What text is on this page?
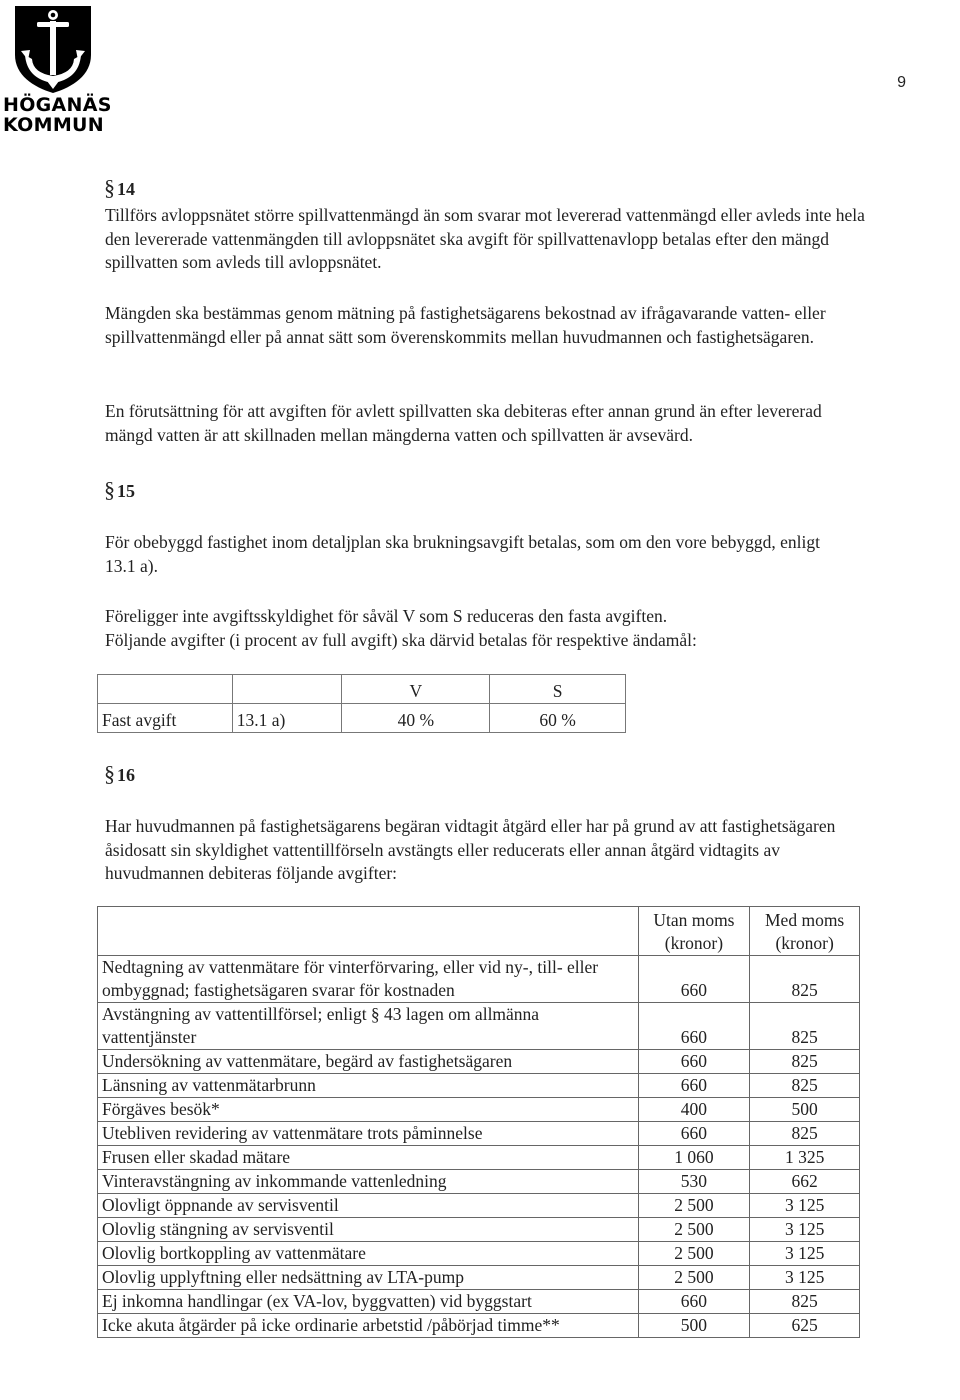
HÖGANÄS
KOMMUN
9
§ 14

Tillförs avloppsnätet större spillvattenmängd än som svarar mot levererad vattenmängd eller avleds inte hela den levererade vattenmängden till avloppsnätet ska avgift för spillvattenavlopp betalas efter den mängd spillvatten som avleds till avloppsnätet.

Mängden ska bestämmas genom mätning på fastighetsägarens bekostnad av ifrågavarande vatten- eller spillvattenmängd eller på annat sätt som överenskommits mellan huvudmannen och fastighetsägaren.

En förutsättning för att avgiften för avlett spillvatten ska debiteras efter annan grund än efter levererad mängd vatten är att skillnaden mellan mängderna vatten och spillvatten är avsevärd.

§ 15

För obebyggd fastighet inom detaljplan ska brukningsavgift betalas, som om den vore bebyggd, enligt 13.1 a).

Föreligger inte avgiftsskyldighet för såväl V som S reduceras den fasta avgiften.

Följande avgifter (i procent av full avgift) ska därvid betalas för respektive ändamål:

		V	S
Fast avgift	13.1 a)	40 %	60 %
§ 16

Har huvudmannen på fastighetsägarens begäran vidtagit åtgärd eller har på grund av att fastighetsägaren åsidosatt sin skyldighet vattentillförseln avstängts eller reducerats eller annan åtgärd vidtagits av huvudmannen debiteras följande avgifter:

	Utan moms (kronor)	Med moms (kronor)
Nedtagning av vattenmätare för vinterförvaring, eller vid ny-, till- eller ombyggnad; fastighetsägaren svarar för kostnaden	660	825
Avstängning av vattentillförsel; enligt § 43 lagen om allmänna vattentjänster	660	825
Undersökning av vattenmätare, begärd av fastighetsägaren	660	825
Länsning av vattenmätarbrunn	660	825
Förgäves besök*	400	500
Utebliven revidering av vattenmätare trots påminnelse	660	825
Frusen eller skadad mätare	1 060	1 325
Vinteravstängning av inkommande vattenledning	530	662
Olovligt öppnande av servisventil	2 500	3 125
Olovlig stängning av servisventil	2 500	3 125
Olovlig bortkoppling av vattenmätare	2 500	3 125
Olovlig upplyftning eller nedsättning av LTA-pump	2 500	3 125
Ej inkomna handlingar (ex VA-lov, byggvatten) vid byggstart	660	825
Icke akuta åtgärder på icke ordinarie arbetstid /påbörjad timme**	500	625
